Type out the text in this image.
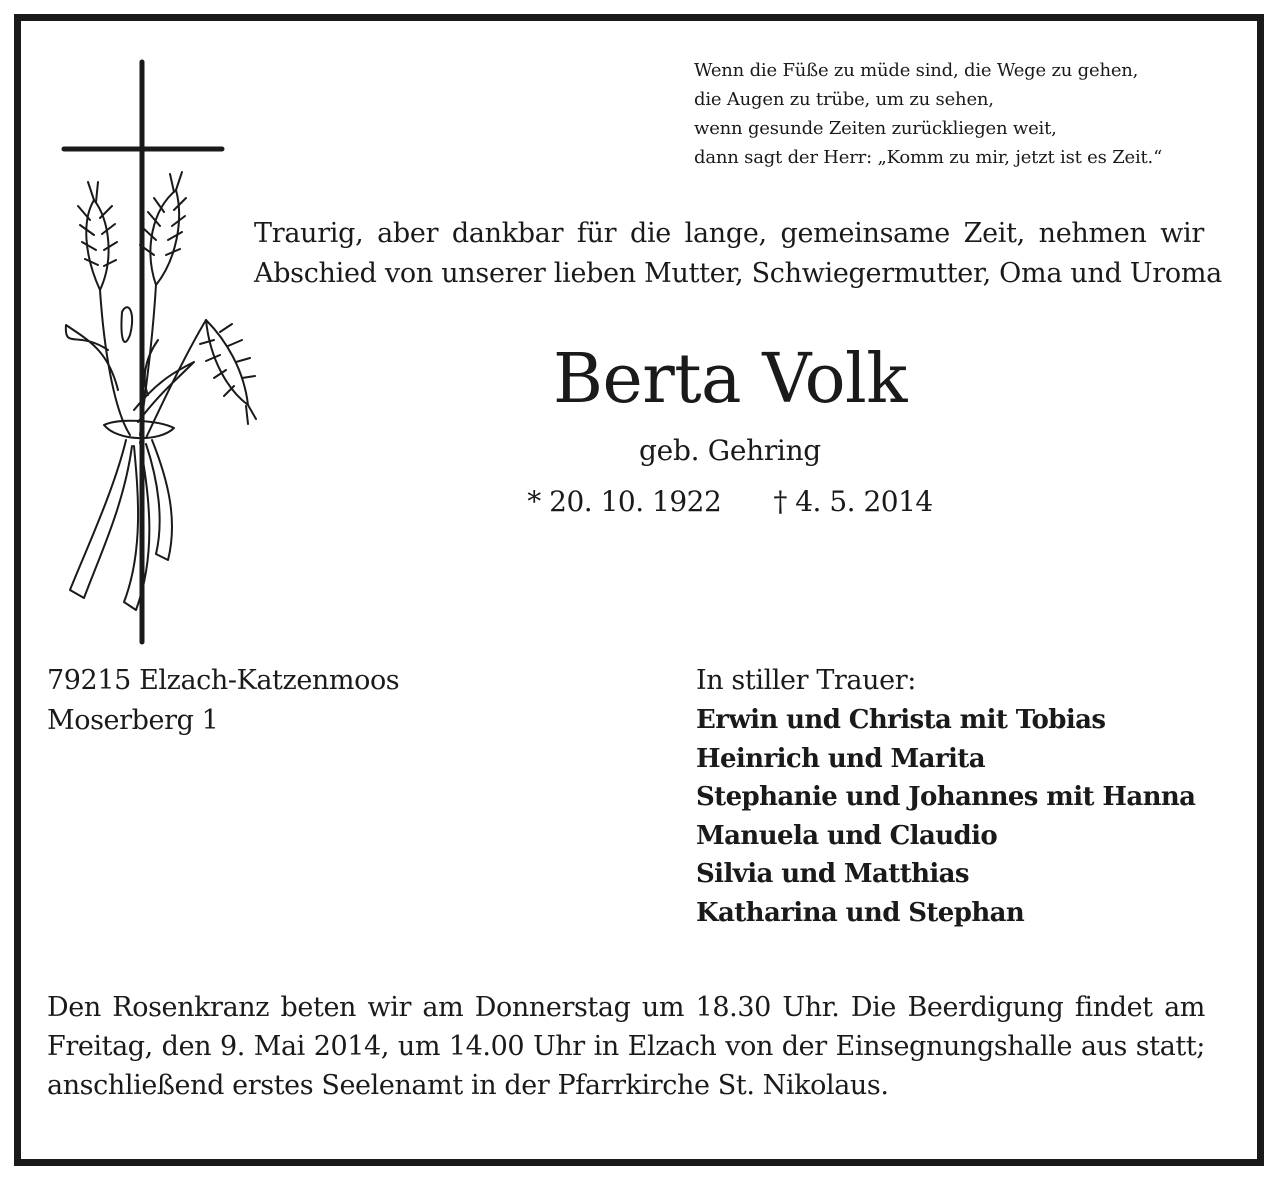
Wenn die Füße zu müde sind, die Wege zu gehen,
die Augen zu trübe, um zu sehen,
wenn gesunde Zeiten zurückliegen weit,
dann sagt der Herr: „Komm zu mir, jetzt ist es Zeit.“
Traurig, aber dankbar für die lange, gemeinsame Zeit, nehmen wir
Abschied von unserer lieben Mutter, Schwiegermutter, Oma und Uroma
Berta Volk
geb. Gehring
* 20. 10. 1922 † 4. 5. 2014
79215 Elzach-Katzenmoos
Moserberg 1
In stiller Trauer:
Erwin und Christa mit Tobias
Heinrich und Marita
Stephanie und Johannes mit Hanna
Manuela und Claudio
Silvia und Matthias
Katharina und Stephan
Den Rosenkranz beten wir am Donnerstag um 18.30 Uhr. Die Beerdigung findet am
Freitag, den 9. Mai 2014, um 14.00 Uhr in Elzach von der Einsegnungshalle aus statt;
anschließend erstes Seelenamt in der Pfarrkirche St. Nikolaus.
